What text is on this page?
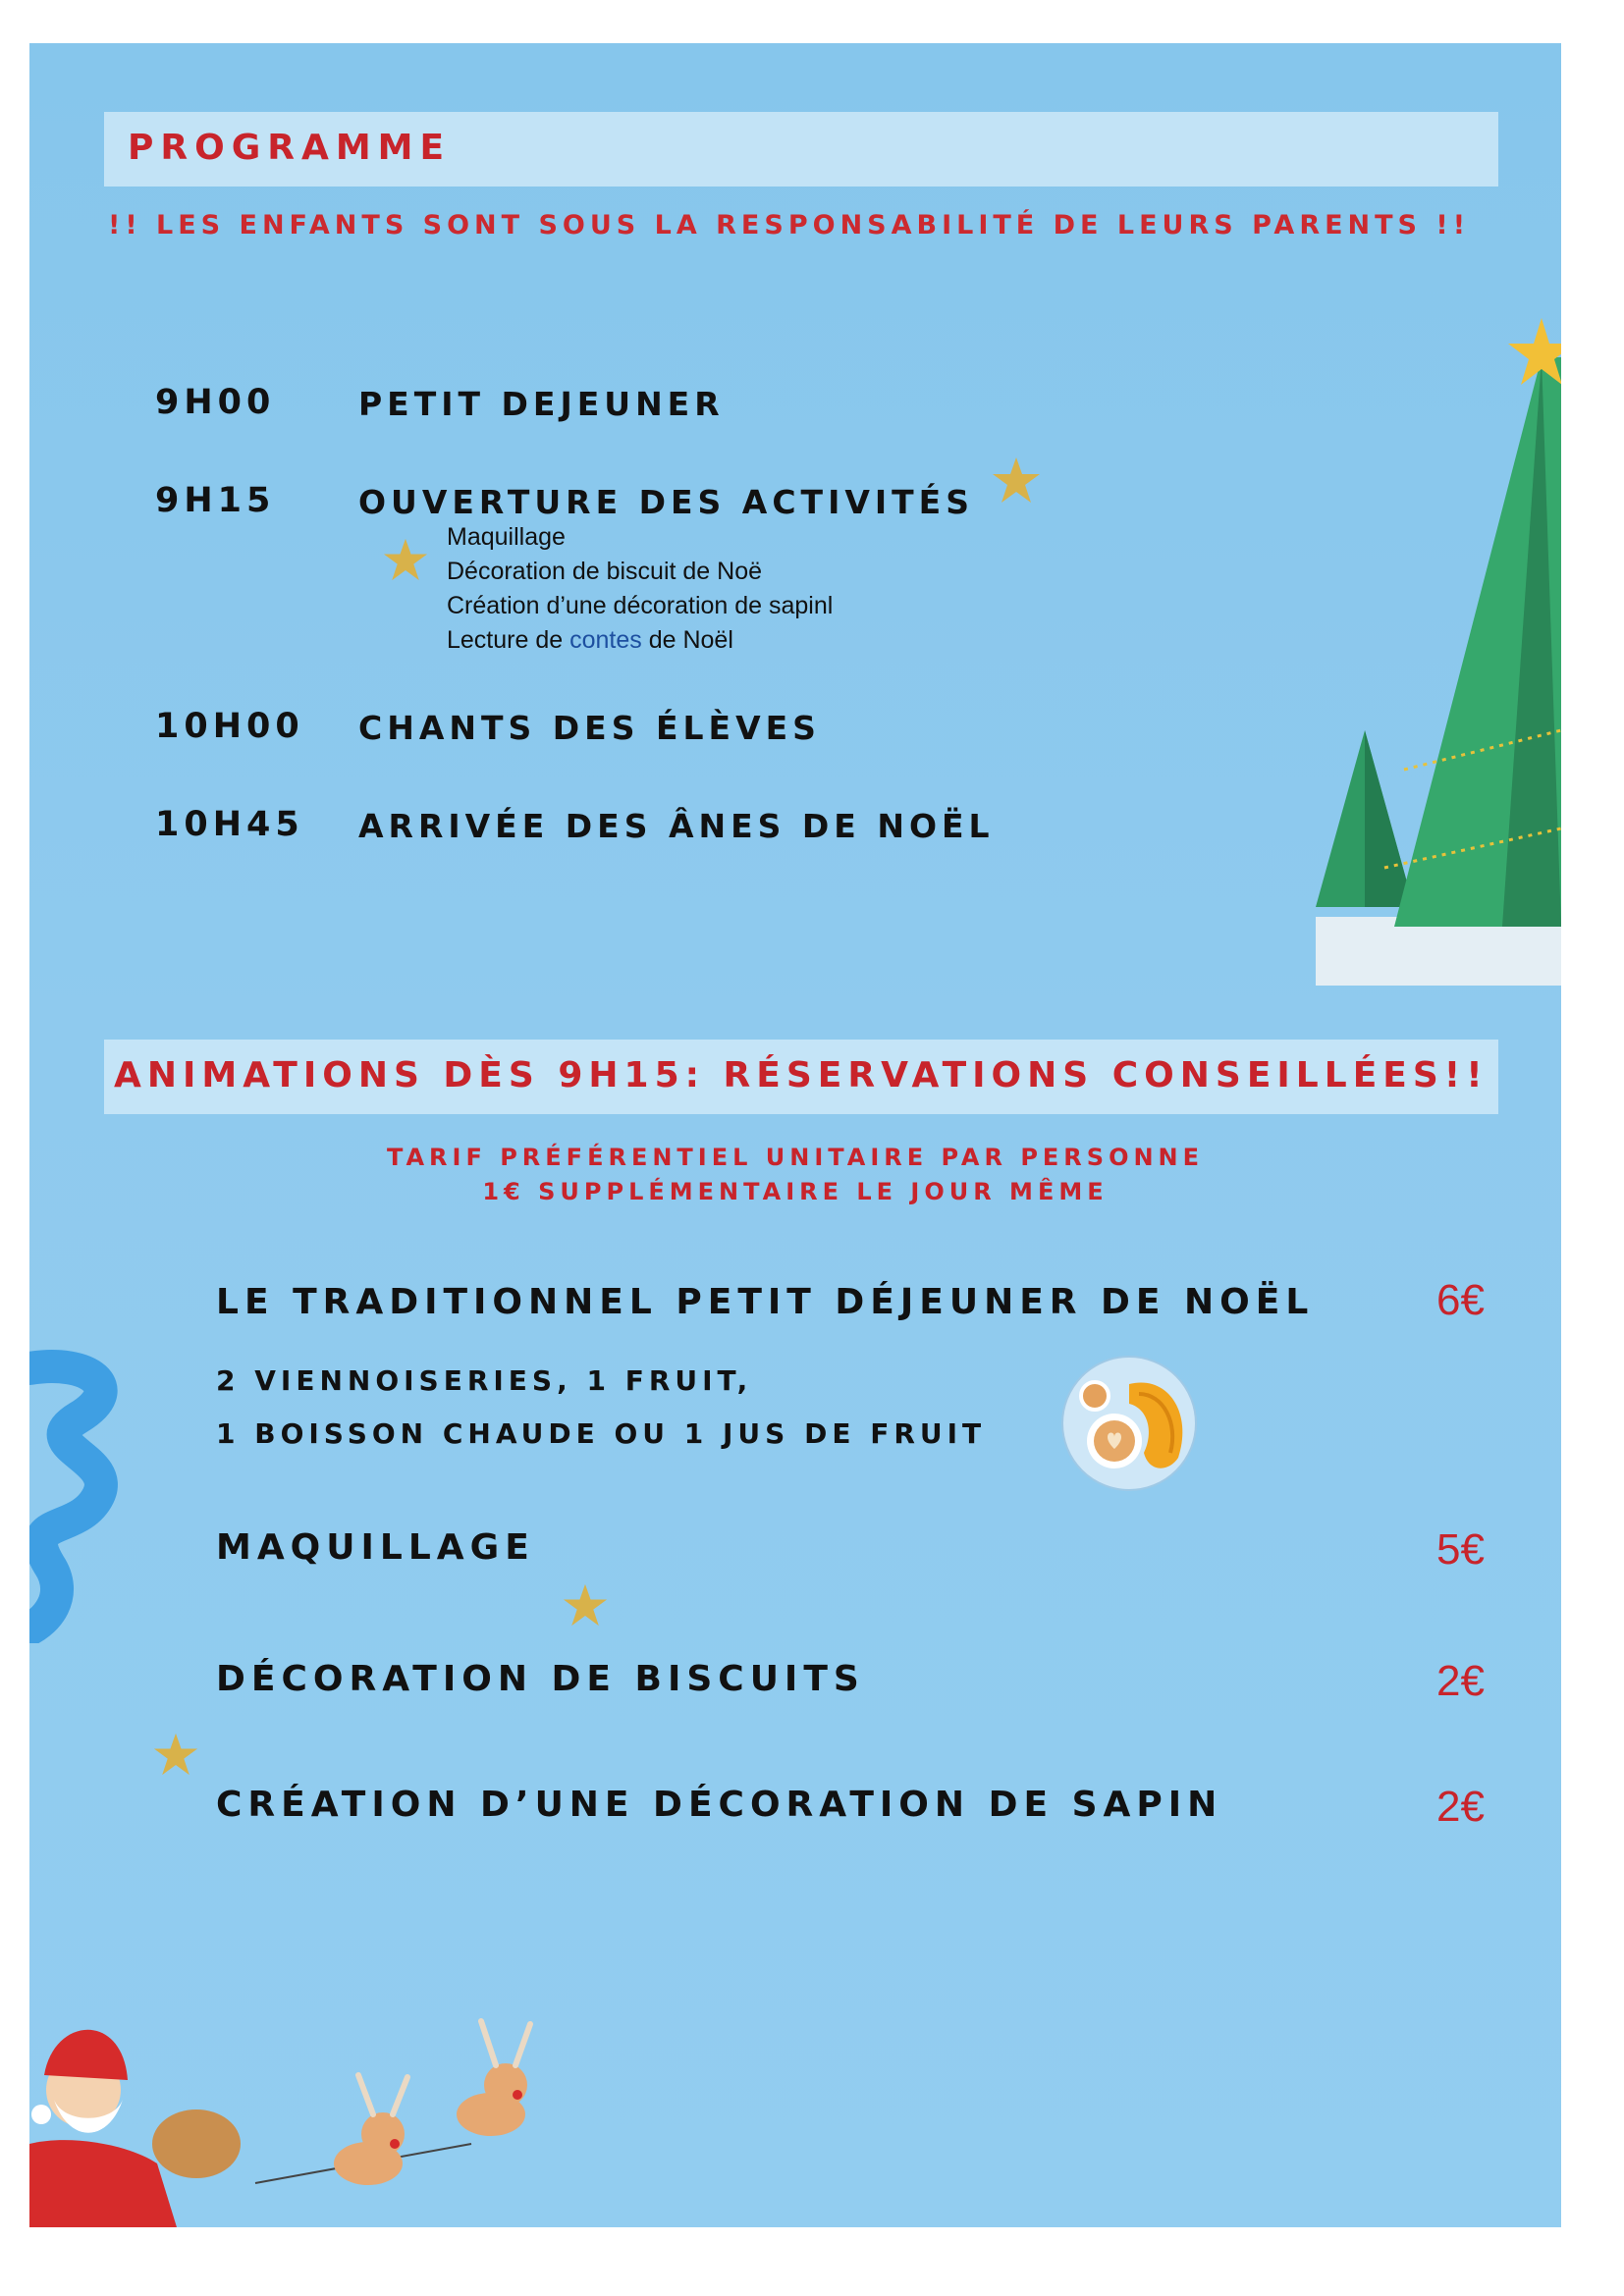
PROGRAMME
!! LES ENFANTS SONT SOUS LA RESPONSABILITÉ DE LEURS PARENTS !!
9H00	PETIT DEJEUNER
9H15	OUVERTURE DES ACTIVITÉS
Maquillage
Décoration de biscuit de Noë
Création d’une décoration de sapinl
Lecture de contes de Noël
10H00 CHANTS DES ÉLÈVES
10H45 ARRIVÉE DES ÂNES DE NOËL
ANIMATIONS DÈS 9H15: RÉSERVATIONS CONSEILLÉES!!
TARIF PRÉFÉRENTIEL UNITAIRE PAR PERSONNE
1€ SUPPLÉMENTAIRE LE JOUR MÊME
LE TRADITIONNEL PETIT DÉJEUNER DE NOËL	6€
2 VIENNOISERIES, 1 FRUIT,
1 BOISSON CHAUDE OU 1 JUS DE FRUIT
MAQUILLAGE	5€
DÉCORATION DE BISCUITS	2€
CRÉATION D’UNE DÉCORATION DE SAPIN	2€
